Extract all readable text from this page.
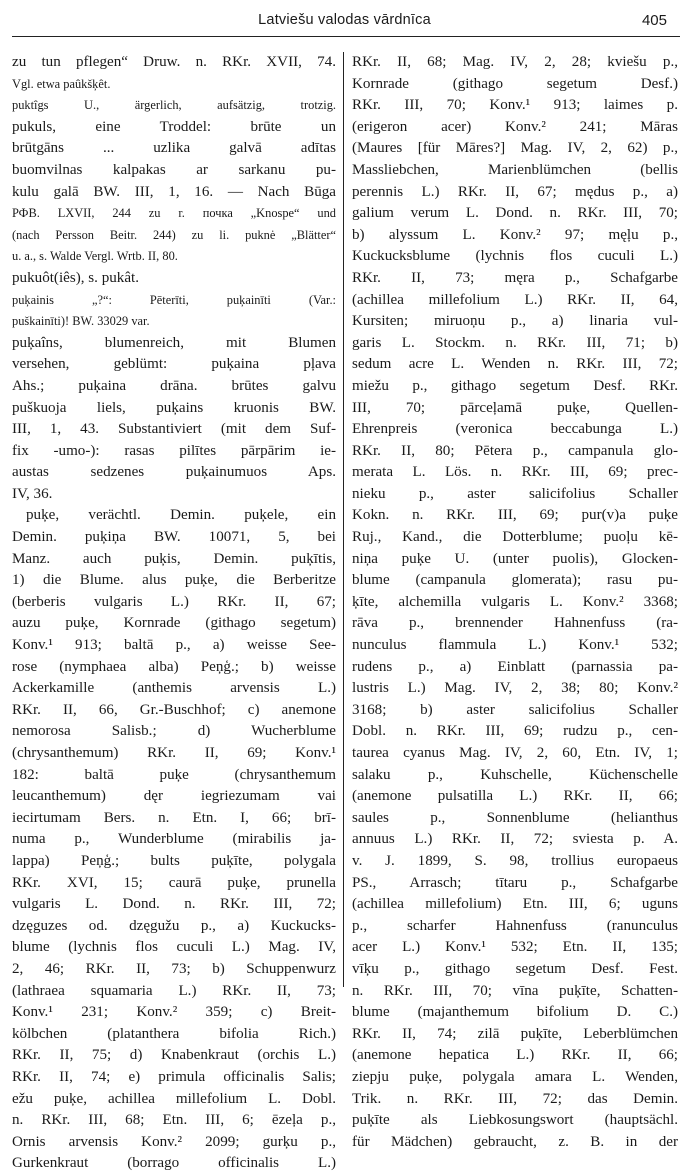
Latviešu valodas vārdnīca	405
zu tun pflegen“ Druw. n. RKr. XVII, 74.
Vgl. etwa paûkšķêt.
puktîgs U., ärgerlich, aufsätzig, trotzig.
pukuls, eine Troddel: brūte un
brūtgāns ... uzlika galvā adītas
buomvilnas kalpakas ar sarkanu pu-
kulu galā BW. III, 1, 16. — Nach Būga
РФВ. LXVII, 244 zu r. почка „Knospe“ und
(nach Persson Beitr. 244) zu li. puknė „Blätter“
u. a., s. Walde Vergl. Wrtb. II, 80.
pukuôt(iês), s. pukât.
puķainis „?“: Pēterīti, puķainīti (Var.:
puškainīti)! BW. 33029 var.
puķaîns, blumenreich, mit Blumen
versehen, geblümt: puķaina pļava
Ahs.; puķaina drāna. brūtes galvu
puškuoja liels, puķains kruonis BW.
III, 1, 43. Substantiviert (mit dem Suf-
fix -umo-): rasas pilītes pārpārim ie-
austas sedzenes puķainumuos Aps.
IV, 36.
puķe, verächtl. Demin. puķele, ein
Demin. puķiņa BW. 10071, 5, bei
Manz. auch puķis, Demin. puķītis,
1) die Blume. alus puķe, die Berberitze
(berberis vulgaris L.) RKr. II, 67;
auzu puķe, Kornrade (githago segetum)
Konv.¹ 913; baltā p., a) weisse See-
rose (nymphaea alba) Peņģ.; b) weisse
Ackerkamille (anthemis arvensis L.)
RKr. II, 66, Gr.-Buschhof; c) anemone
nemorosa Salisb.; d) Wucherblume
(chrysanthemum) RKr. II, 69; Konv.¹
182: baltā puķe (chrysanthemum
leucanthemum) dęr iegriezumam vai
iecirtumam Bers. n. Etn. I, 66; brī-
numa p., Wunderblume (mirabilis ja-
lappa) Peņģ.; bults puķīte, polygala
RKr. XVI, 15; caurā puķe, prunella
vulgaris L. Dond. n. RKr. III, 72;
dzęguzes od. dzęgužu p., a) Kuckucks-
blume (lychnis flos cuculi L.) Mag. IV,
2, 46; RKr. II, 73; b) Schuppenwurz
(lathraea squamaria L.) RKr. II, 73;
Konv.¹ 231; Konv.² 359; c) Breit-
kölbchen (platanthera bifolia Rich.)
RKr. II, 75; d) Knabenkraut (orchis L.)
RKr. II, 74; e) primula officinalis Salis;
ežu puķe, achillea millefolium L. Dobl.
n. RKr. III, 68; Etn. III, 6; ēzeļa p.,
Ornis arvensis Konv.² 2099; gurķu p.,
Gurkenkraut (borrago officinalis L.)
RKr. II, 68; Mag. IV, 2, 28; kviešu p.,
Kornrade (githago segetum Desf.)
RKr. III, 70; Konv.¹ 913; laimes p.
(erigeron acer) Konv.² 241; Māras
(Maures [für Māres?] Mag. IV, 2, 62) p.,
Massliebchen, Marienblümchen (bellis
perennis L.) RKr. II, 67; mędus p., a)
galium verum L. Dond. n. RKr. III, 70;
b) alyssum L. Konv.² 97; męļu p.,
Kuckucksblume (lychnis flos cuculi L.)
RKr. II, 73; męra p., Schafgarbe
(achillea millefolium L.) RKr. II, 64,
Kursiten; miruoņu p., a) linaria vul-
garis L. Stockm. n. RKr. III, 71; b)
sedum acre L. Wenden n. RKr. III, 72;
miežu p., githago segetum Desf. RKr.
III, 70; pārceļamā puķe, Quellen-
Ehrenpreis (veronica beccabunga L.)
RKr. II, 80; Pētera p., campanula glo-
merata L. Lös. n. RKr. III, 69; prec-
nieku p., aster salicifolius Schaller
Kokn. n. RKr. III, 69; pur(v)a puķe
Ruj., Kand., die Dotterblume; puoļu kē-
niņa puķe U. (unter puolis), Glocken-
blume (campanula glomerata); rasu pu-
ķīte, alchemilla vulgaris L. Konv.² 3368;
rāva p., brennender Hahnenfuss (ra-
nunculus flammula L.) Konv.¹ 532;
rudens p., a) Einblatt (parnassia pa-
lustris L.) Mag. IV, 2, 38; 80; Konv.²
3168; b) aster salicifolius Schaller
Dobl. n. RKr. III, 69; rudzu p., cen-
taurea cyanus Mag. IV, 2, 60, Etn. IV, 1;
salaku p., Kuhschelle, Küchenschelle
(anemone pulsatilla L.) RKr. II, 66;
saules p., Sonnenblume (helianthus
annuus L.) RKr. II, 72; sviesta p. A.
v. J. 1899, S. 98, trollius europaeus
PS., Arrasch; tītaru p., Schafgarbe
(achillea millefolium) Etn. III, 6; uguns
p., scharfer Hahnenfuss (ranunculus
acer L.) Konv.¹ 532; Etn. II, 135;
vīķu p., githago segetum Desf. Fest.
n. RKr. III, 70; vīna puķīte, Schatten-
blume (majanthemum bifolium D. C.)
RKr. II, 74; zilā puķīte, Leberblümchen
(anemone hepatica L.) RKr. II, 66;
ziepju puķe, polygala amara L. Wenden,
Trik. n. RKr. III, 72; das Demin.
puķīte als Liebkosungswort (hauptsächl.
für Mädchen) gebraucht, z. B. in der
